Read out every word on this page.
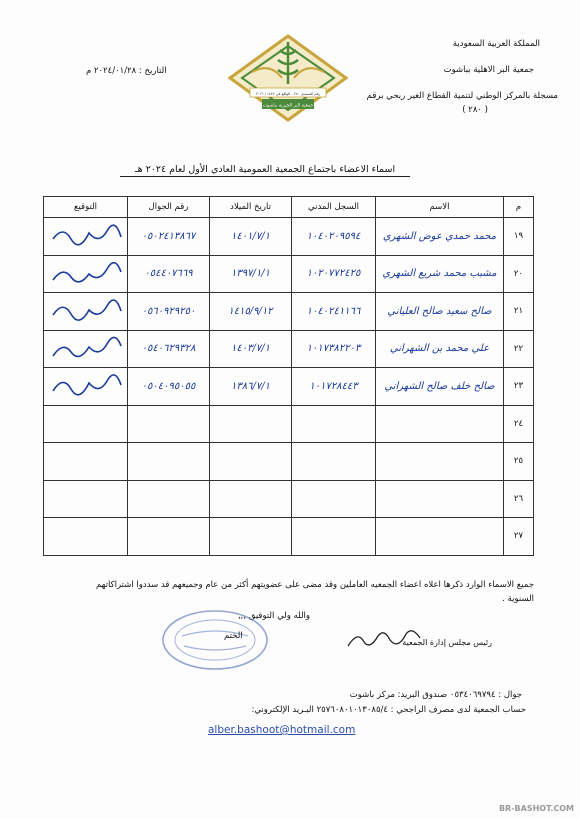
المملكة العربية السعودية
جمعية البر الاهلية بباشوت
مسجلة بالمركز الوطني لتنمية القطاع الغير ربحي برقم
( ٢٨٠ )
التاريخ : ٢٠٢٤/٠١/٢٨ م
رقم التسجيل ٢٨٠ - الواقع في ١٤٣٧ / ٢٠١٦
جمعية البر الخيرية بباشوت
اسماء الاعضاء باجتماع الجمعية العمومية العادي الأول لعام ٢٠٢٤ هـ
م	الاسم	السجل المدني	تاريخ الميلاد	رقم الجوال	التوقيع
١٩	محمد حمدي عوض الشهري	١٠٤٠٢٠٩٥٩٤	١٤٠١/٧/١	٠٥٠٢٤١٣٨٦٧	

٢٠	مشبب محمد شريع الشهري	١٠٢٠٧٧٢٤٢٥	١٣٩٧/١/١	٠٥٤٤٠٧٦٦٩	

٢١	صالح سعيد صالح العلياني	١٠٤٠٢٤١١٦٦	١٤١٥/٩/١٢	٠٥٦٠٩٢٩٢٥٠	

٢٢	علي محمد بن الشهراني	١٠١٧٣٨٢٢٠٣	١٤٠٣/٧/١	٠٥٤٠٦٢٩٣٢٨	

٢٣	صالح خلف صالح الشهراني	١٠١٧٢٨٤٤٣	١٣٨٦/٧/١	٠٥٠٤٠٩٥٠٥٥	

٢٤					
٢٥					
٢٦					
٢٧					
جميع الاسماء الوارد ذكرها اعلاه اعضاء الجمعيه العاملين وقد مضى على عضويتهم أكثر من عام وجميعهم قد سددوا اشتراكاتهم السنوية .
والله ولي التوفيق ,,,
الختم
رئيس مجلس إدارة الجمعية
جوال : ٠٥٣٤٠٦٩٧٩٤ صندوق البريد: مركز باشوت
حساب الجمعية لدى مصرف الراجحي : ٢٥٧٦٠٨٠١٠١٣٠٨٥/٤ البـريد الإلكتروني:
alber.bashoot@hotmail.com
BR-BASHOT.COM
